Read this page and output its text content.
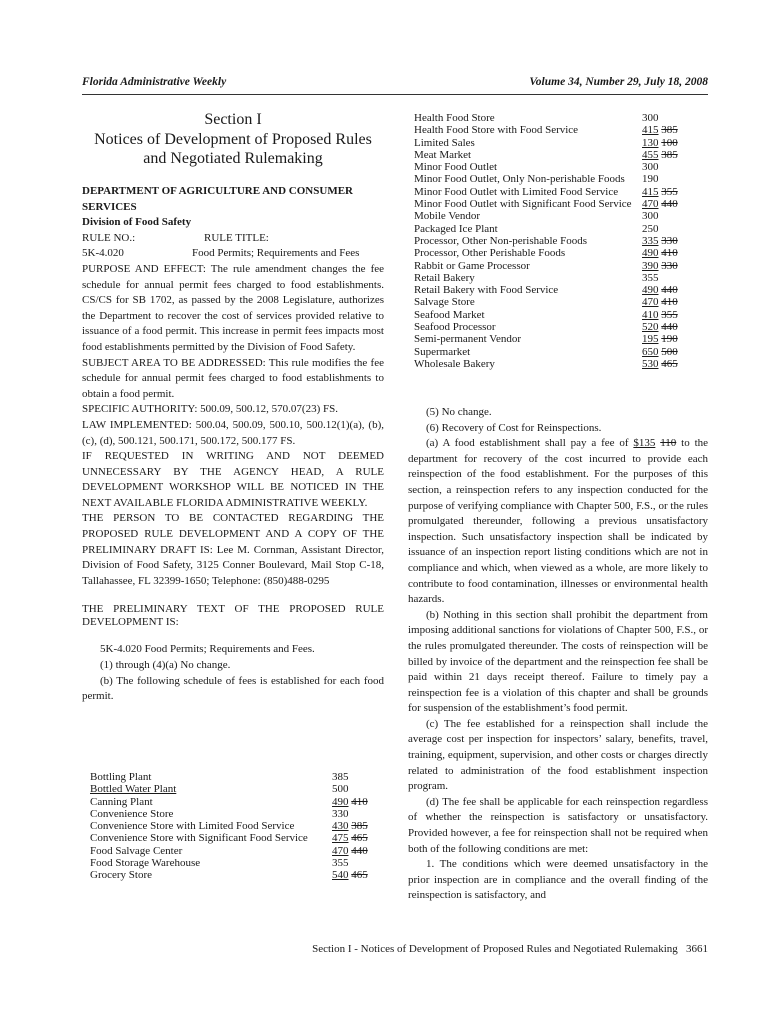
Florida Administrative Weekly	Volume 34, Number 29, July 18, 2008
Section I
Notices of Development of Proposed Rules
and Negotiated Rulemaking

DEPARTMENT OF AGRICULTURE AND CONSUMER SERVICES

Division of Food Safety

RULE NO.:	RULE TITLE:
5K-4.020	Food Permits; Requirements and Fees

PURPOSE AND EFFECT: The rule amendment changes the fee schedule for annual permit fees charged to food establishments. CS/CS for SB 1702, as passed by the 2008 Legislature, authorizes the Department to recover the cost of services provided relative to issuance of a food permit. This increase in permit fees impacts most food establishments permitted by the Division of Food Safety.

SUBJECT AREA TO BE ADDRESSED: This rule modifies the fee schedule for annual permit fees charged to food establishments to obtain a food permit.

SPECIFIC AUTHORITY: 500.09, 500.12, 570.07(23) FS.

LAW IMPLEMENTED: 500.04, 500.09, 500.10, 500.12(1)(a), (b), (c), (d), 500.121, 500.171, 500.172, 500.177 FS.

IF REQUESTED IN WRITING AND NOT DEEMED UNNECESSARY BY THE AGENCY HEAD, A RULE DEVELOPMENT WORKSHOP WILL BE NOTICED IN THE NEXT AVAILABLE FLORIDA ADMINISTRATIVE WEEKLY.

THE PERSON TO BE CONTACTED REGARDING THE PROPOSED RULE DEVELOPMENT AND A COPY OF THE PRELIMINARY DRAFT IS: Lee M. Cornman, Assistant Director, Division of Food Safety, 3125 Conner Boulevard, Mail Stop C-18, Tallahassee, FL 32399-1650; Telephone: (850)488-0295

THE PRELIMINARY TEXT OF THE PROPOSED RULE DEVELOPMENT IS:

5K-4.020 Food Permits; Requirements and Fees.

(1) through (4)(a) No change.

(b) The following schedule of fees is established for each food permit.

Bottling Plant	385
Bottled Water Plant	500
Canning Plant	490 410
Convenience Store	330
Convenience Store with Limited Food Service	430 385
Convenience Store with Significant Food Service	475 465
Food Salvage Center	470 440
Food Storage Warehouse	355
Grocery Store	540 465
Health Food Store	300
Health Food Store with Food Service	415 385
Limited Sales	130 100
Meat Market	455 385
Minor Food Outlet	300
Minor Food Outlet, Only Non-perishable Foods	190
Minor Food Outlet with Limited Food Service	415 355
Minor Food Outlet with Significant Food Service	470 440
Mobile Vendor	300
Packaged Ice Plant	250
Processor, Other Non-perishable Foods	335 330
Processor, Other Perishable Foods	490 410
Rabbit or Game Processor	390 330
Retail Bakery	355
Retail Bakery with Food Service	490 440
Salvage Store	470 410
Seafood Market	410 355
Seafood Processor	520 440
Semi-permanent Vendor	195 190
Supermarket	650 500
Wholesale Bakery	530 465

(5) No change.

(6) Recovery of Cost for Reinspections.

(a) A food establishment shall pay a fee of $135 110 to the department for recovery of the cost incurred to provide each reinspection of the food establishment. For the purposes of this section, a reinspection refers to any inspection conducted for the purpose of verifying compliance with Chapter 500, F.S., or the rules promulgated thereunder, following a previous unsatisfactory inspection. Such unsatisfactory inspection shall be indicated by issuance of an inspection report listing conditions which are not in compliance and which, when viewed as a whole, are more likely to contribute to food contamination, illnesses or environmental health hazards.

(b) Nothing in this section shall prohibit the department from imposing additional sanctions for violations of Chapter 500, F.S., or the rules promulgated thereunder. The costs of reinspection will be billed by invoice of the department and the reinspection fee shall be paid within 21 days receipt thereof. Failure to timely pay a reinspection fee is a violation of this chapter and shall be grounds for suspension of the establishment’s food permit.

(c) The fee established for a reinspection shall include the average cost per inspection for inspectors’ salary, benefits, travel, training, equipment, supervision, and other costs or charges directly related to administration of the food establishment inspection program.

(d) The fee shall be applicable for each reinspection regardless of whether the reinspection is satisfactory or unsatisfactory. Provided however, a fee for reinspection shall not be required when both of the following conditions are met:

1. The conditions which were deemed unsatisfactory in the prior inspection are in compliance and the overall finding of the reinspection is satisfactory, and

Section I - Notices of Development of Proposed Rules and Negotiated Rulemaking   3661
